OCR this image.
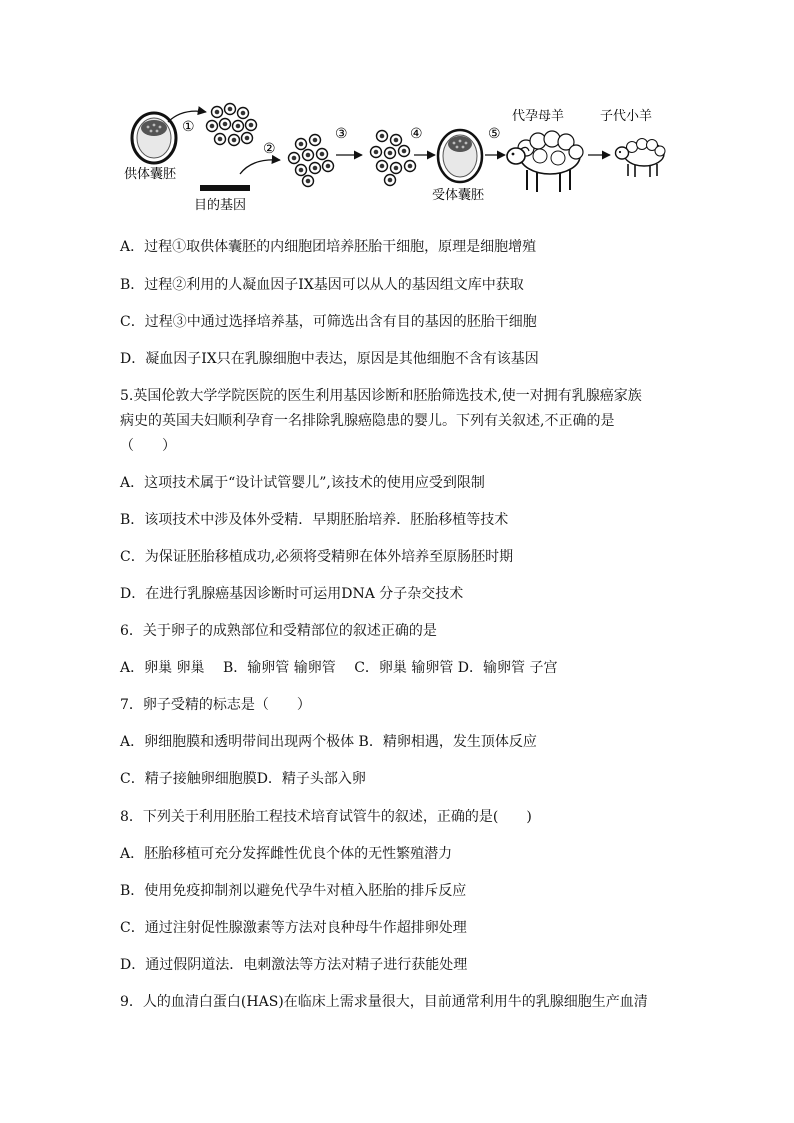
供体囊胚
①
目的基因
②
③	④
受体囊胚
⑤
代孕母羊	子代小羊
A．过程①取供体囊胚的内细胞团培养胚胎干细胞，原理是细胞增殖
B．过程②利用的人凝血因子IX基因可以从人的基因组文库中获取
C．过程③中通过选择培养基，可筛选出含有目的基因的胚胎干细胞
D．凝血因子IX只在乳腺细胞中表达，原因是其他细胞不含有该基因
5.英国伦敦大学学院医院的医生利用基因诊断和胚胎筛选技术,使一对拥有乳腺癌家族
病史的英国夫妇顺利孕育一名排除乳腺癌隐患的婴儿。下列有关叙述,不正确的是
（　　）
A．这项技术属于“设计试管婴儿”,该技术的使用应受到限制
B．该项技术中涉及体外受精．早期胚胎培养．胚胎移植等技术
C．为保证胚胎移植成功,必须将受精卵在体外培养至原肠胚时期
D．在进行乳腺癌基因诊断时可运用DNA 分子杂交技术
6．关于卵子的成熟部位和受精部位的叙述正确的是
A．卵巢 卵巢　 B．输卵管 输卵管　 C．卵巢 输卵管 D．输卵管 子宫
7．卵子受精的标志是（　　）
A．卵细胞膜和透明带间出现两个极体 B．精卵相遇，发生顶体反应
C．精子接触卵细胞膜D．精子头部入卵
8．下列关于利用胚胎工程技术培育试管牛的叙述，正确的是(　　)
A．胚胎移植可充分发挥雌性优良个体的无性繁殖潜力
B．使用免疫抑制剂以避免代孕牛对植入胚胎的排斥反应
C．通过注射促性腺激素等方法对良种母牛作超排卵处理
D．通过假阴道法．电刺激法等方法对精子进行获能处理
9．人的血清白蛋白(HAS)在临床上需求量很大，目前通常利用牛的乳腺细胞生产血清
